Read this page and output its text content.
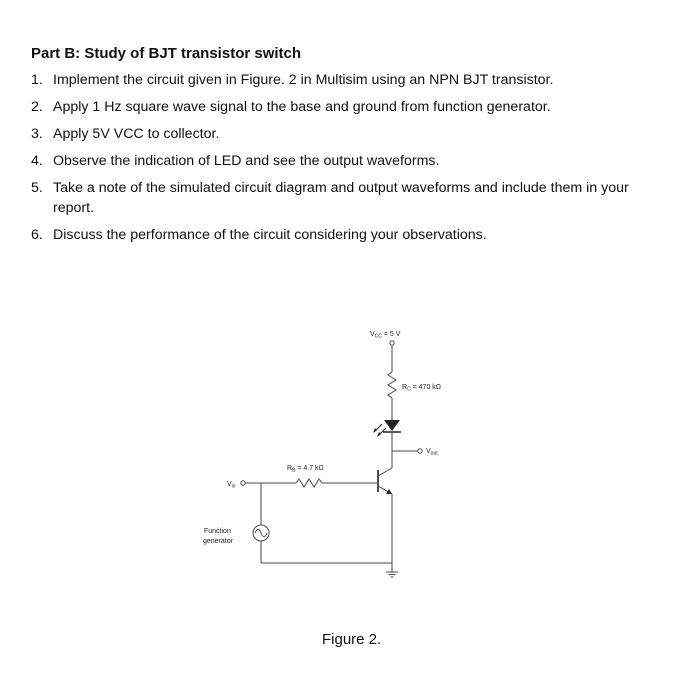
Part B: Study of BJT transistor switch
1. Implement the circuit given in Figure. 2 in Multisim using an NPN BJT transistor.
2. Apply 1 Hz square wave signal to the base and ground from function generator.
3. Apply 5V VCC to collector.
4. Observe the indication of LED and see the output waveforms.
5. Take a note of the simulated circuit diagram and output waveforms and include them in your report.
6. Discuss the performance of the circuit considering your observations.
$V_{CC} = 5$ V
$R_C = 470$ kΩ
$V_{out}$
$V_{in}$
$R_B = 4.7$ kΩ
Function
generator
Figure 2.
